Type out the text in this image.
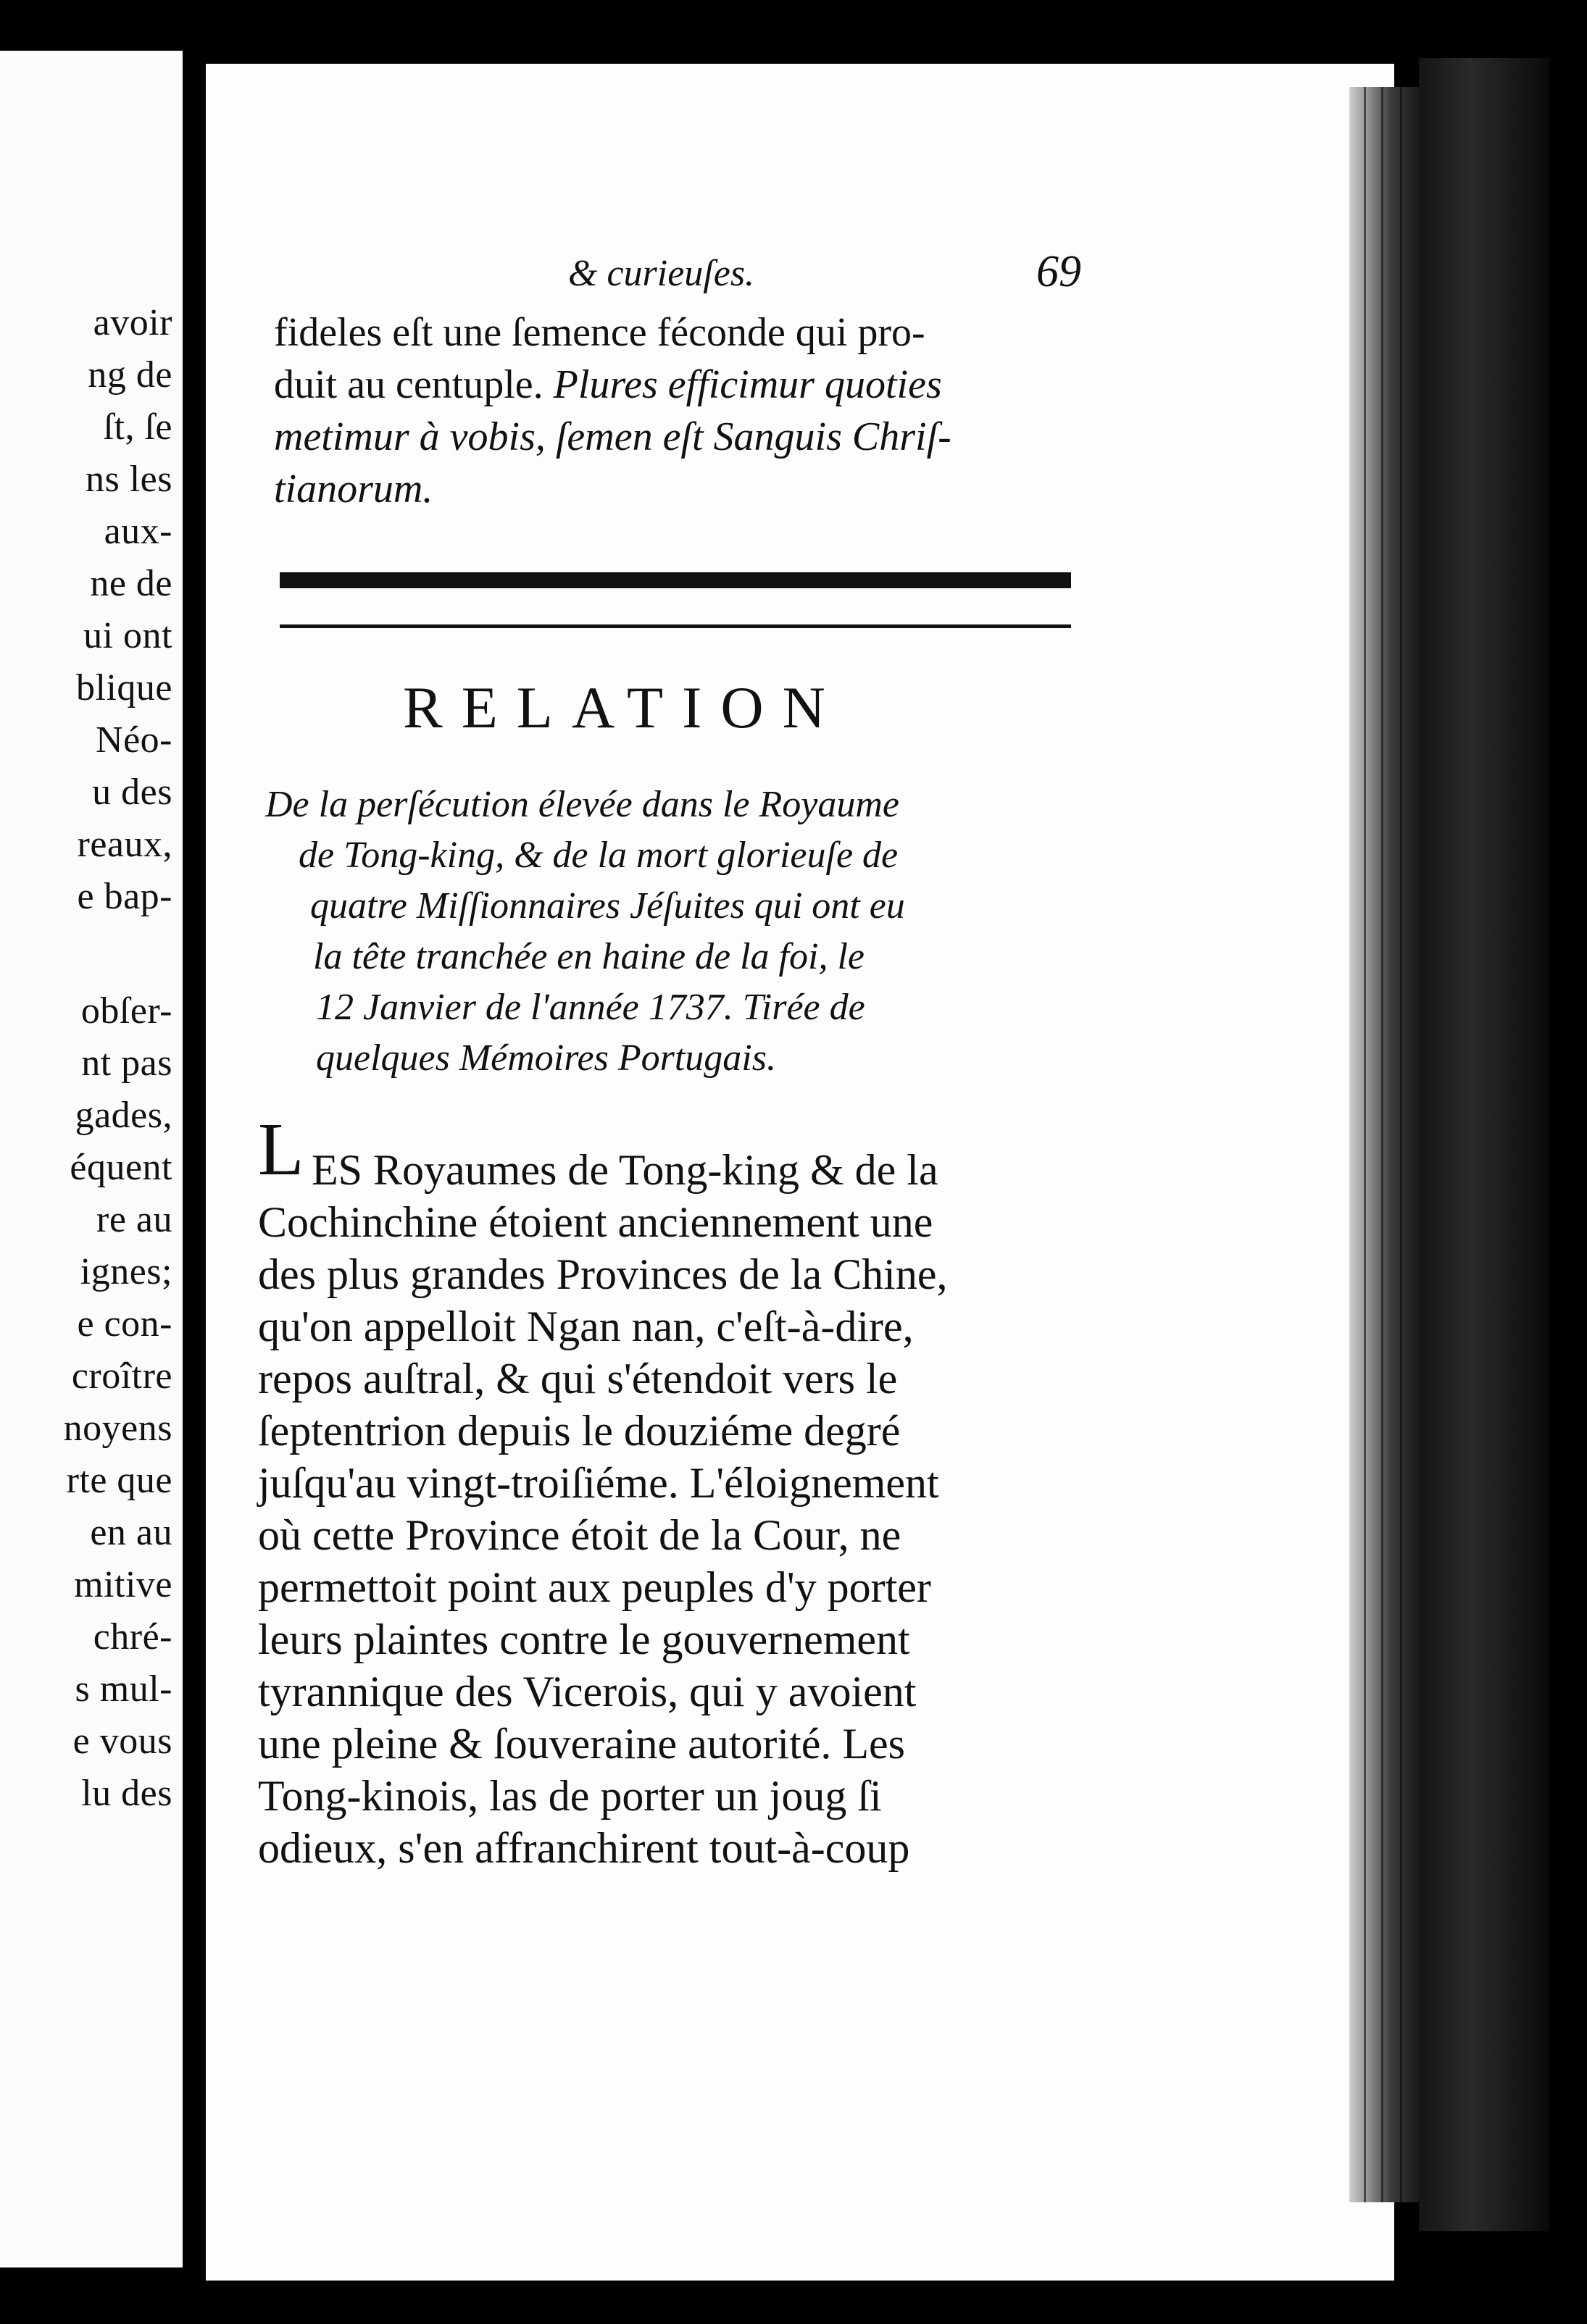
avoir
ng de
ſt, ſe
ns les
aux-
ne de
ui ont
blique
Néo-
u des
reaux,
e bap-
obſer-
nt pas
gades,
équent
re au
ignes;
e con-
croître
noyens
rte que
en au
mitive
chré-
s mul-
e vous
lu des
& curieuſes.	69
fideles eſt une ſemence féconde qui pro-
duit au centuple. Plures efficimur quoties
metimur à vobis, ſemen eſt Sanguis Chriſ-
tianorum.
RELATION
De la perſécution élevée dans le Royaume
de Tong-king, & de la mort glorieuſe de
quatre Miſſionnaires Jéſuites qui ont eu
la tête tranchée en haine de la foi, le
12 Janvier de l'année 1737. Tirée de
quelques Mémoires Portugais.
L ES Royaumes de Tong-king & de la
Cochinchine étoient anciennement une
des plus grandes Provinces de la Chine,
qu'on appelloit Ngan nan, c'eſt-à-dire,
repos auſtral, & qui s'étendoit vers le
ſeptentrion depuis le douziéme degré
juſqu'au vingt-troiſiéme. L'éloignement
où cette Province étoit de la Cour, ne
permettoit point aux peuples d'y porter
leurs plaintes contre le gouvernement
tyrannique des Vicerois, qui y avoient
une pleine & ſouveraine autorité. Les
Tong-kinois, las de porter un joug ſi
odieux, s'en affranchirent tout-à-coup
